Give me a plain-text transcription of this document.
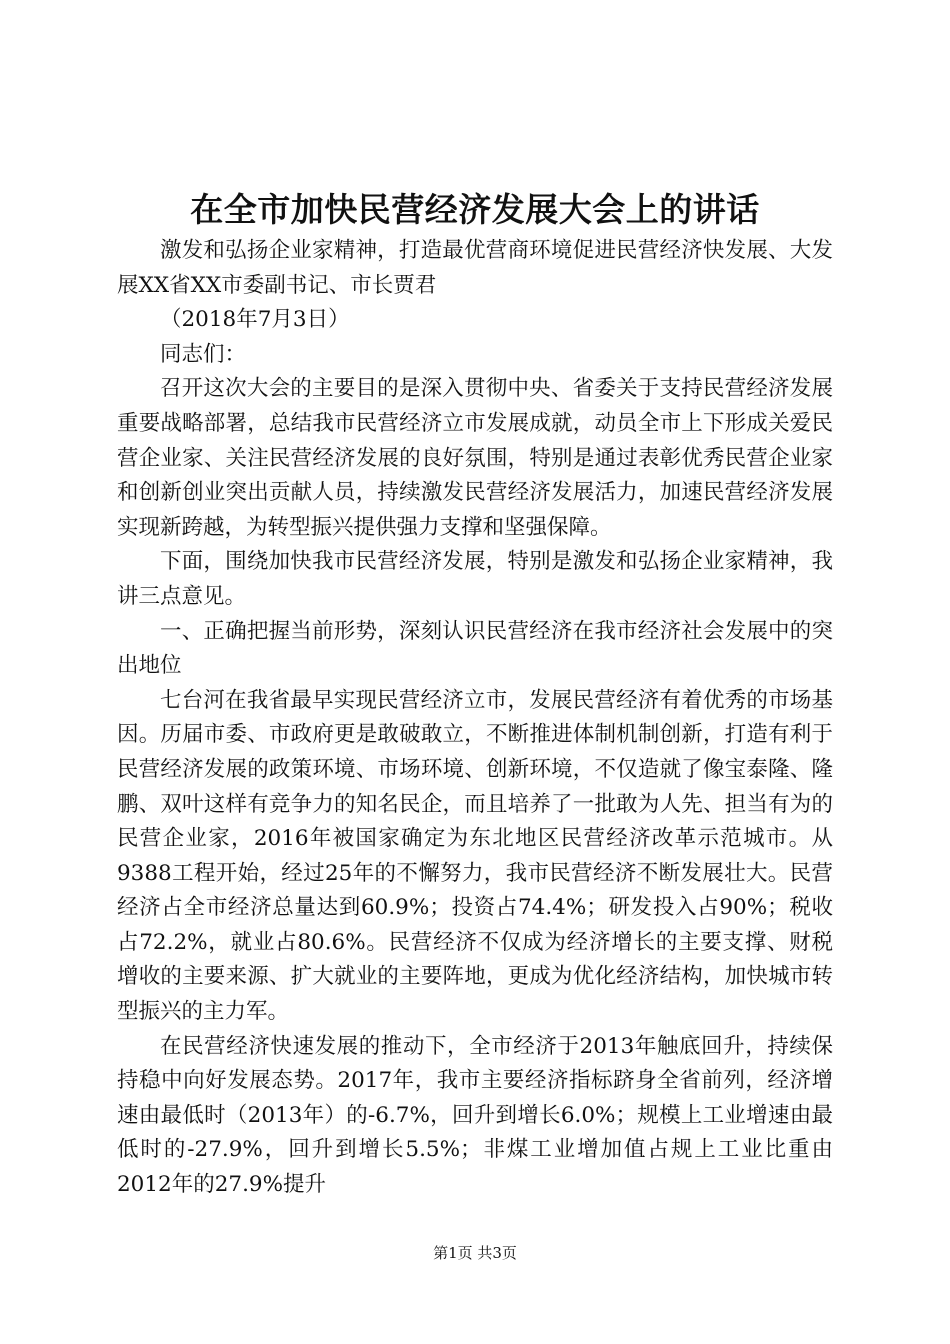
在全市加快民营经济发展大会上的讲话

激发和弘扬企业家精神，打造最优营商环境促进民营经济快发展、大发展XX省XX市委副书记、市长贾君

（2018年7月3日）

同志们：

召开这次大会的主要目的是深入贯彻中央、省委关于支持民营经济发展重要战略部署，总结我市民营经济立市发展成就，动员全市上下形成关爱民营企业家、关注民营经济发展的良好氛围，特别是通过表彰优秀民营企业家和创新创业突出贡献人员，持续激发民营经济发展活力，加速民营经济发展实现新跨越，为转型振兴提供强力支撑和坚强保障。

下面，围绕加快我市民营经济发展，特别是激发和弘扬企业家精神，我讲三点意见。

一、正确把握当前形势，深刻认识民营经济在我市经济社会发展中的突出地位

七台河在我省最早实现民营经济立市，发展民营经济有着优秀的市场基因。历届市委、市政府更是敢破敢立，不断推进体制机制创新，打造有利于民营经济发展的政策环境、市场环境、创新环境，不仅造就了像宝泰隆、隆鹏、双叶这样有竞争力的知名民企，而且培养了一批敢为人先、担当有为的民营企业家，2016年被国家确定为东北地区民营经济改革示范城市。从9388工程开始，经过25年的不懈努力，我市民营经济不断发展壮大。民营经济占全市经济总量达到60.9%；投资占74.4%；研发投入占90%；税收占72.2%，就业占80.6%。民营经济不仅成为经济增长的主要支撑、财税增收的主要来源、扩大就业的主要阵地，更成为优化经济结构，加快城市转型振兴的主力军。

在民营经济快速发展的推动下，全市经济于2013年触底回升，持续保持稳中向好发展态势。2017年，我市主要经济指标跻身全省前列，经济增速由最低时（2013年）的-6.7%，回升到增长6.0%；规模上工业增速由最低时的-27.9%，回升到增长5.5%；非煤工业增加值占规上工业比重由2012年的27.9%提升

第1页 共3页
